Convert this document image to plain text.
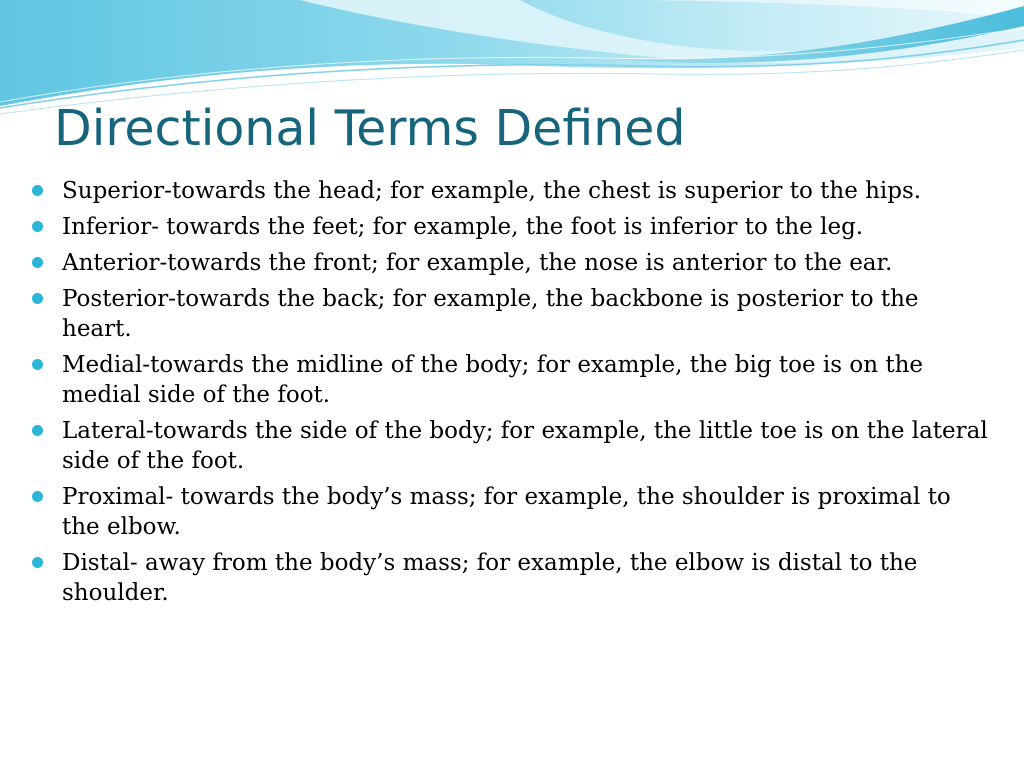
Directional Terms Defined
Superior-towards the head; for example, the chest is superior to the hips.
Inferior- towards the feet; for example, the foot is inferior to the leg.
Anterior-towards the front; for example, the nose is anterior to the ear.
Posterior-towards the back; for example, the backbone is posterior to the heart.
Medial-towards the midline of the body; for example, the big toe is on the medial side of the foot.
Lateral-towards the side of the body; for example, the little toe is on the lateral side of the foot.
Proximal- towards the body’s mass; for example, the shoulder is proximal to the elbow.
Distal- away from the body’s mass; for example, the elbow is distal to the shoulder.
